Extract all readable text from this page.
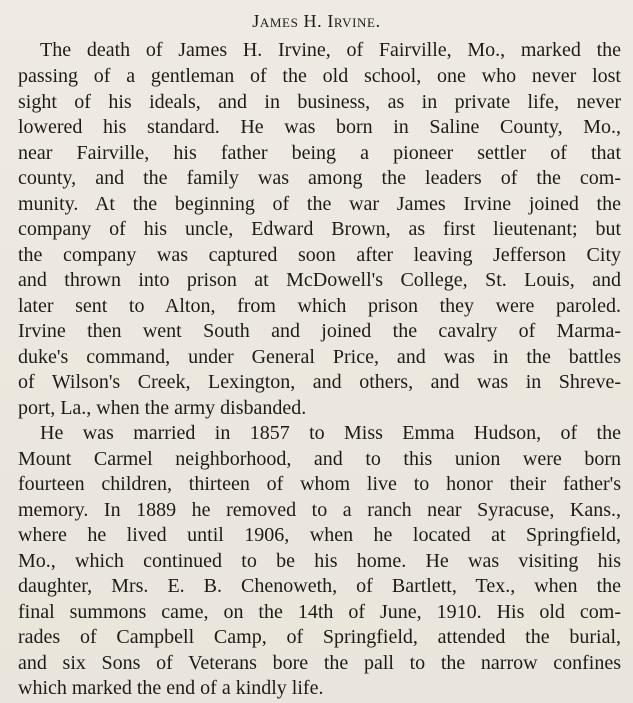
James H. Irvine.
The death of James H. Irvine, of Fairville, Mo., marked the
passing of a gentleman of the old school, one who never lost
sight of his ideals, and in business, as in private life, never
lowered his standard. He was born in Saline County, Mo.,
near Fairville, his father being a pioneer settler of that
county, and the family was among the leaders of the com-
munity. At the beginning of the war James Irvine joined the
company of his uncle, Edward Brown, as first lieutenant; but
the company was captured soon after leaving Jefferson City
and thrown into prison at McDowell's College, St. Louis, and
later sent to Alton, from which prison they were paroled.
Irvine then went South and joined the cavalry of Marma-
duke's command, under General Price, and was in the battles
of Wilson's Creek, Lexington, and others, and was in Shreve-
port, La., when the army disbanded.
He was married in 1857 to Miss Emma Hudson, of the
Mount Carmel neighborhood, and to this union were born
fourteen children, thirteen of whom live to honor their father's
memory. In 1889 he removed to a ranch near Syracuse, Kans.,
where he lived until 1906, when he located at Springfield,
Mo., which continued to be his home. He was visiting his
daughter, Mrs. E. B. Chenoweth, of Bartlett, Tex., when the
final summons came, on the 14th of June, 1910. His old com-
rades of Campbell Camp, of Springfield, attended the burial,
and six Sons of Veterans bore the pall to the narrow confines
which marked the end of a kindly life.
